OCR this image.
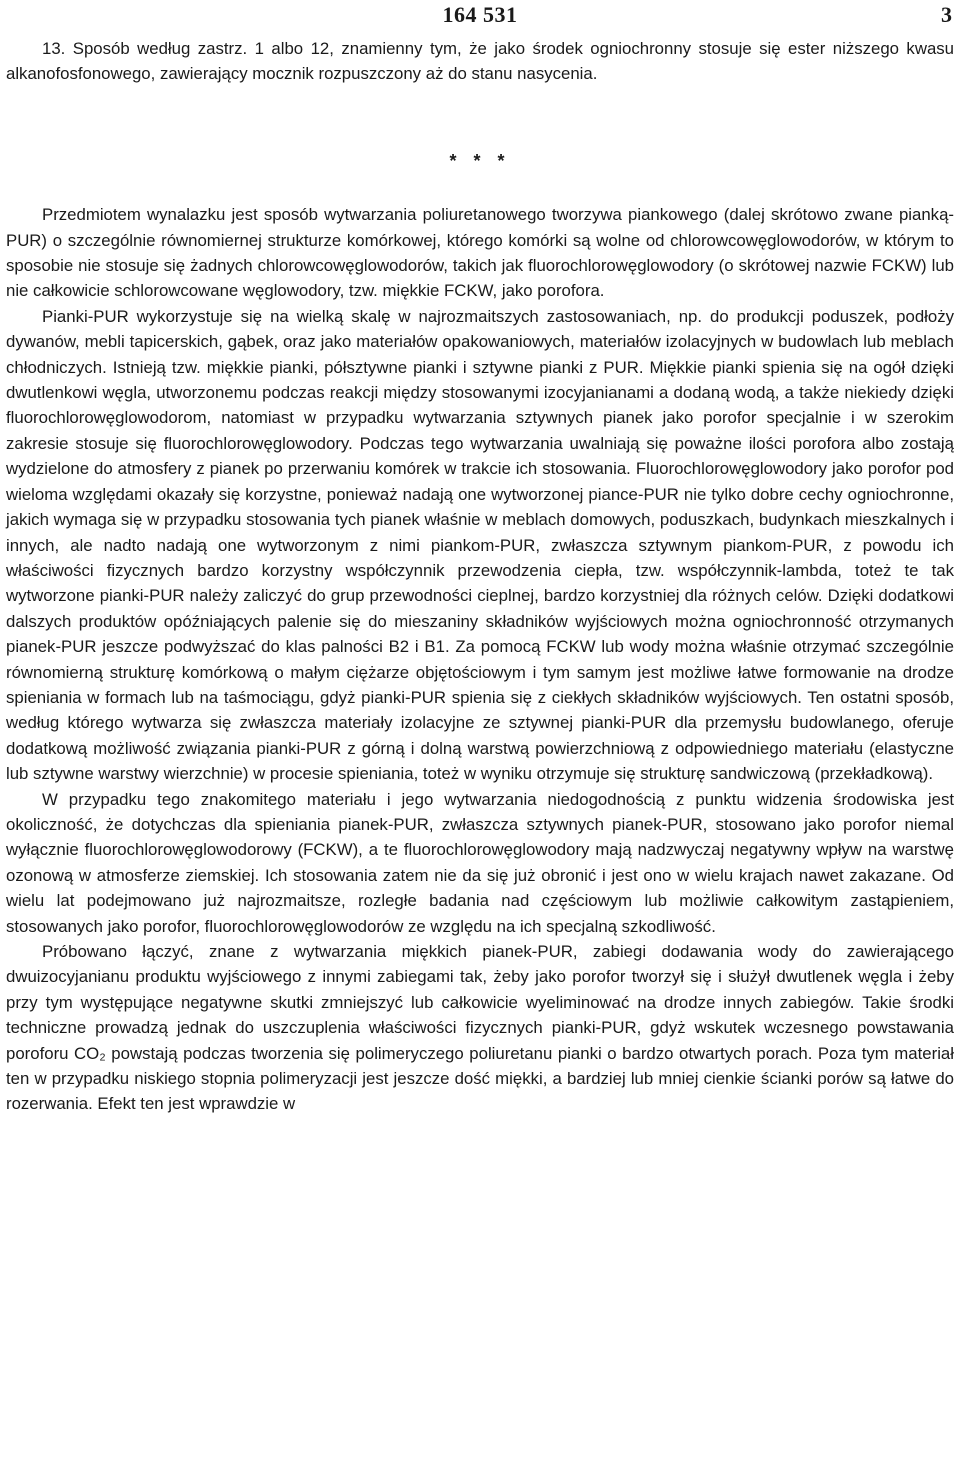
164 531	3

13. Sposób według zastrz. 1 albo 12, znamienny tym, że jako środek ogniochronny stosuje się ester niższego kwasu alkanofosfonowego, zawierający mocznik rozpuszczony aż do stanu nasycenia.

* * *

Przedmiotem wynalazku jest sposób wytwarzania poliuretanowego tworzywa piankowego (dalej skrótowo zwane pianką-PUR) o szczególnie równomiernej strukturze komórkowej, którego komórki są wolne od chlorowcowęglowodorów, w którym to sposobie nie stosuje się żadnych chlorowcowęglowodorów, takich jak fluorochlorowęglowodory (o skrótowej nazwie FCKW) lub nie całkowicie schlorowcowane węglowodory, tzw. miękkie FCKW, jako porofora.

Pianki-PUR wykorzystuje się na wielką skalę w najrozmaitszych zastosowaniach, np. do produkcji poduszek, podłoży dywanów, mebli tapicerskich, gąbek, oraz jako materiałów opakowaniowych, materiałów izolacyjnych w budowlach lub meblach chłodniczych. Istnieją tzw. miękkie pianki, półsztywne pianki i sztywne pianki z PUR. Miękkie pianki spienia się na ogół dzięki dwutlenkowi węgla, utworzonemu podczas reakcji między stosowanymi izocyjanianami a dodaną wodą, a także niekiedy dzięki fluorochlorowęglowodorom, natomiast w przypadku wytwarzania sztywnych pianek jako porofor specjalnie i w szerokim zakresie stosuje się fluorochlorowęglowodory. Podczas tego wytwarzania uwalniają się poważne ilości porofora albo zostają wydzielone do atmosfery z pianek po przerwaniu komórek w trakcie ich stosowania. Fluorochlorowęglowodory jako porofor pod wieloma względami okazały się korzystne, ponieważ nadają one wytworzonej piance-PUR nie tylko dobre cechy ogniochronne, jakich wymaga się w przypadku stosowania tych pianek właśnie w meblach domowych, poduszkach, budynkach mieszkalnych i innych, ale nadto nadają one wytworzonym z nimi piankom-PUR, zwłaszcza sztywnym piankom-PUR, z powodu ich właściwości fizycznych bardzo korzystny współczynnik przewodzenia ciepła, tzw. współczynnik-lambda, toteż te tak wytworzone pianki-PUR należy zaliczyć do grup przewodności cieplnej, bardzo korzystniej dla różnych celów. Dzięki dodatkowi dalszych produktów opóźniających palenie się do mieszaniny składników wyjściowych można ogniochronność otrzymanych pianek-PUR jeszcze podwyższać do klas palności B2 i B1. Za pomocą FCKW lub wody można właśnie otrzymać szczególnie równomierną strukturę komórkową o małym ciężarze objętościowym i tym samym jest możliwe łatwe formowanie na drodze spieniania w formach lub na taśmociągu, gdyż pianki-PUR spienia się z ciekłych składników wyjściowych. Ten ostatni sposób, według którego wytwarza się zwłaszcza materiały izolacyjne ze sztywnej pianki-PUR dla przemysłu budowlanego, oferuje dodatkową możliwość związania pianki-PUR z górną i dolną warstwą powierzchniową z odpowiedniego materiału (elastyczne lub sztywne warstwy wierzchnie) w procesie spieniania, toteż w wyniku otrzymuje się strukturę sandwiczową (przekładkową).

W przypadku tego znakomitego materiału i jego wytwarzania niedogodnością z punktu widzenia środowiska jest okoliczność, że dotychczas dla spieniania pianek-PUR, zwłaszcza sztywnych pianek-PUR, stosowano jako porofor niemal wyłącznie fluorochlorowęglowodorowy (FCKW), a te fluorochlorowęglowodory mają nadzwyczaj negatywny wpływ na warstwę ozonową w atmosferze ziemskiej. Ich stosowania zatem nie da się już obronić i jest ono w wielu krajach nawet zakazane. Od wielu lat podejmowano już najrozmaitsze, rozległe badania nad częściowym lub możliwie całkowitym zastąpieniem, stosowanych jako porofor, fluorochlorowęglowodorów ze względu na ich specjalną szkodliwość.

Próbowano łączyć, znane z wytwarzania miękkich pianek-PUR, zabiegi dodawania wody do zawierającego dwuizocyjanianu produktu wyjściowego z innymi zabiegami tak, żeby jako porofor tworzył się i służył dwutlenek węgla i żeby przy tym występujące negatywne skutki zmniejszyć lub całkowicie wyeliminować na drodze innych zabiegów. Takie środki techniczne prowadzą jednak do uszczuplenia właściwości fizycznych pianki-PUR, gdyż wskutek wczesnego powstawania poroforu CO₂ powstają podczas tworzenia się polimeryczego poliuretanu pianki o bardzo otwartych porach. Poza tym materiał ten w przypadku niskiego stopnia polimeryzacji jest jeszcze dość miękki, a bardziej lub mniej cienkie ścianki porów są łatwe do rozerwania. Efekt ten jest wprawdzie w
